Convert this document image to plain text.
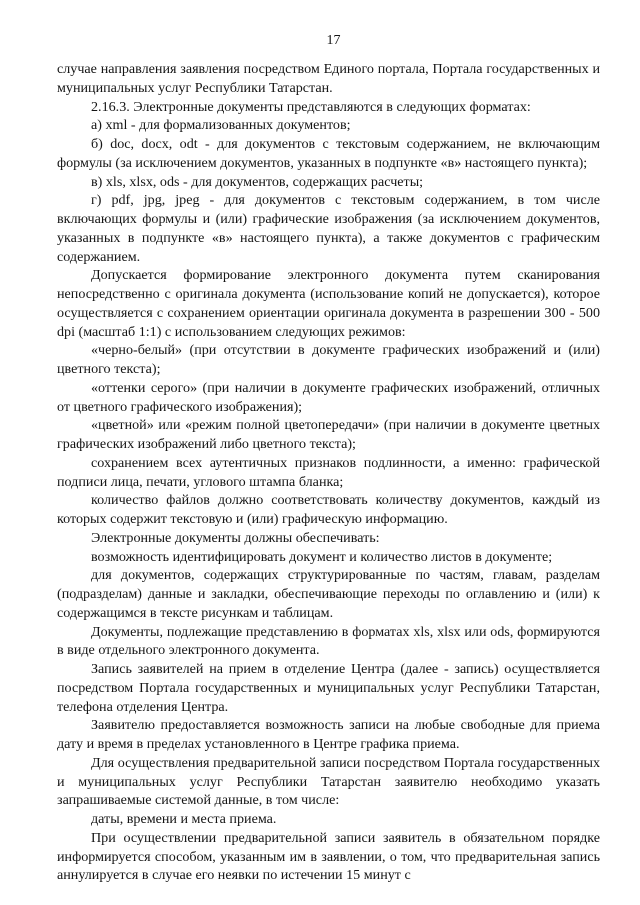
17

случае направления заявления посредством Единого портала, Портала государственных и муниципальных услуг Республики Татарстан.

2.16.3. Электронные документы представляются в следующих форматах:

а) xml - для формализованных документов;

б) doc, docx, odt - для документов с текстовым содержанием, не включающим формулы (за исключением документов, указанных в подпункте «в» настоящего пункта);

в) xls, xlsx, ods - для документов, содержащих расчеты;

г) pdf, jpg, jpeg - для документов с текстовым содержанием, в том числе включающих формулы и (или) графические изображения (за исключением документов, указанных в подпункте «в» настоящего пункта), а также документов с графическим содержанием.

Допускается формирование электронного документа путем сканирования непосредственно с оригинала документа (использование копий не допускается), которое осуществляется с сохранением ориентации оригинала документа в разрешении 300 - 500 dpi (масштаб 1:1) с использованием следующих режимов:

«черно-белый» (при отсутствии в документе графических изображений и (или) цветного текста);

«оттенки серого» (при наличии в документе графических изображений, отличных от цветного графического изображения);

«цветной» или «режим полной цветопередачи» (при наличии в документе цветных графических изображений либо цветного текста);

сохранением всех аутентичных признаков подлинности, а именно: графической подписи лица, печати, углового штампа бланка;

количество файлов должно соответствовать количеству документов, каждый из которых содержит текстовую и (или) графическую информацию.

Электронные документы должны обеспечивать:

возможность идентифицировать документ и количество листов в документе;

для документов, содержащих структурированные по частям, главам, разделам (подразделам) данные и закладки, обеспечивающие переходы по оглавлению и (или) к содержащимся в тексте рисункам и таблицам.

Документы, подлежащие представлению в форматах xls, xlsx или ods, формируются в виде отдельного электронного документа.

Запись заявителей на прием в отделение Центра (далее - запись) осуществляется посредством Портала государственных и муниципальных услуг Республики Татарстан, телефона отделения Центра.

Заявителю предоставляется возможность записи на любые свободные для приема дату и время в пределах установленного в Центре графика приема.

Для осуществления предварительной записи посредством Портала государственных и муниципальных услуг Республики Татарстан заявителю необходимо указать запрашиваемые системой данные, в том числе:

даты, времени и места приема.

При осуществлении предварительной записи заявитель в обязательном порядке информируется способом, указанным им в заявлении, о том, что предварительная запись аннулируется в случае его неявки по истечении 15 минут с
